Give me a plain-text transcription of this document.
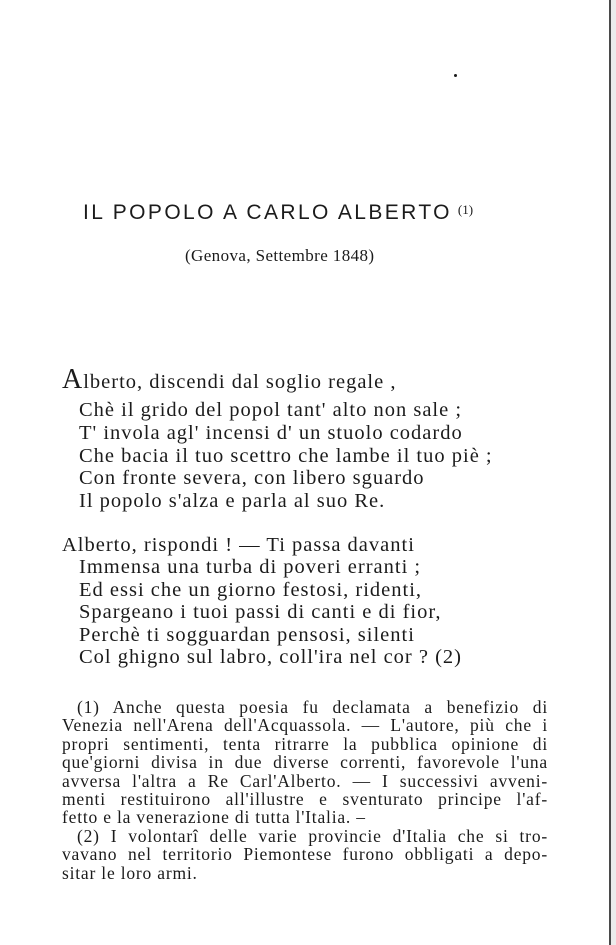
IL POPOLO A CARLO ALBERTO $^{(1)}$
(Genova, Settembre 1848)
Alberto, discendi dal soglio regale ,
Chè il grido del popol tant' alto non sale ;
T' invola agl' incensi d' un stuolo codardo
Che bacia il tuo scettro che lambe il tuo piè ;
Con fronte severa, con libero sguardo
Il popolo s'alza e parla al suo Re.
Alberto, rispondi ! — Ti passa davanti
Immensa una turba di poveri erranti ;
Ed essi che un giorno festosi, ridenti,
Spargeano i tuoi passi di canti e di fior,
Perchè ti sogguardan pensosi, silenti
Col ghigno sul labro, coll'ira nel cor ? (2)
(1) Anche questa poesia fu declamata a benefizio di
Venezia nell'Arena dell'Acquassola. — L'autore, più che i
propri sentimenti, tenta ritrarre la pubblica opinione di
que'giorni divisa in due diverse correnti, favorevole l'una
avversa l'altra a Re Carl'Alberto. — I successivi avveni-
menti restituirono all'illustre e sventurato principe l'af-
fetto e la venerazione di tutta l'Italia. –
(2) I volontarî delle varie provincie d'Italia che si tro-
vavano nel territorio Piemontese furono obbligati a depo-
sitar le loro armi.
